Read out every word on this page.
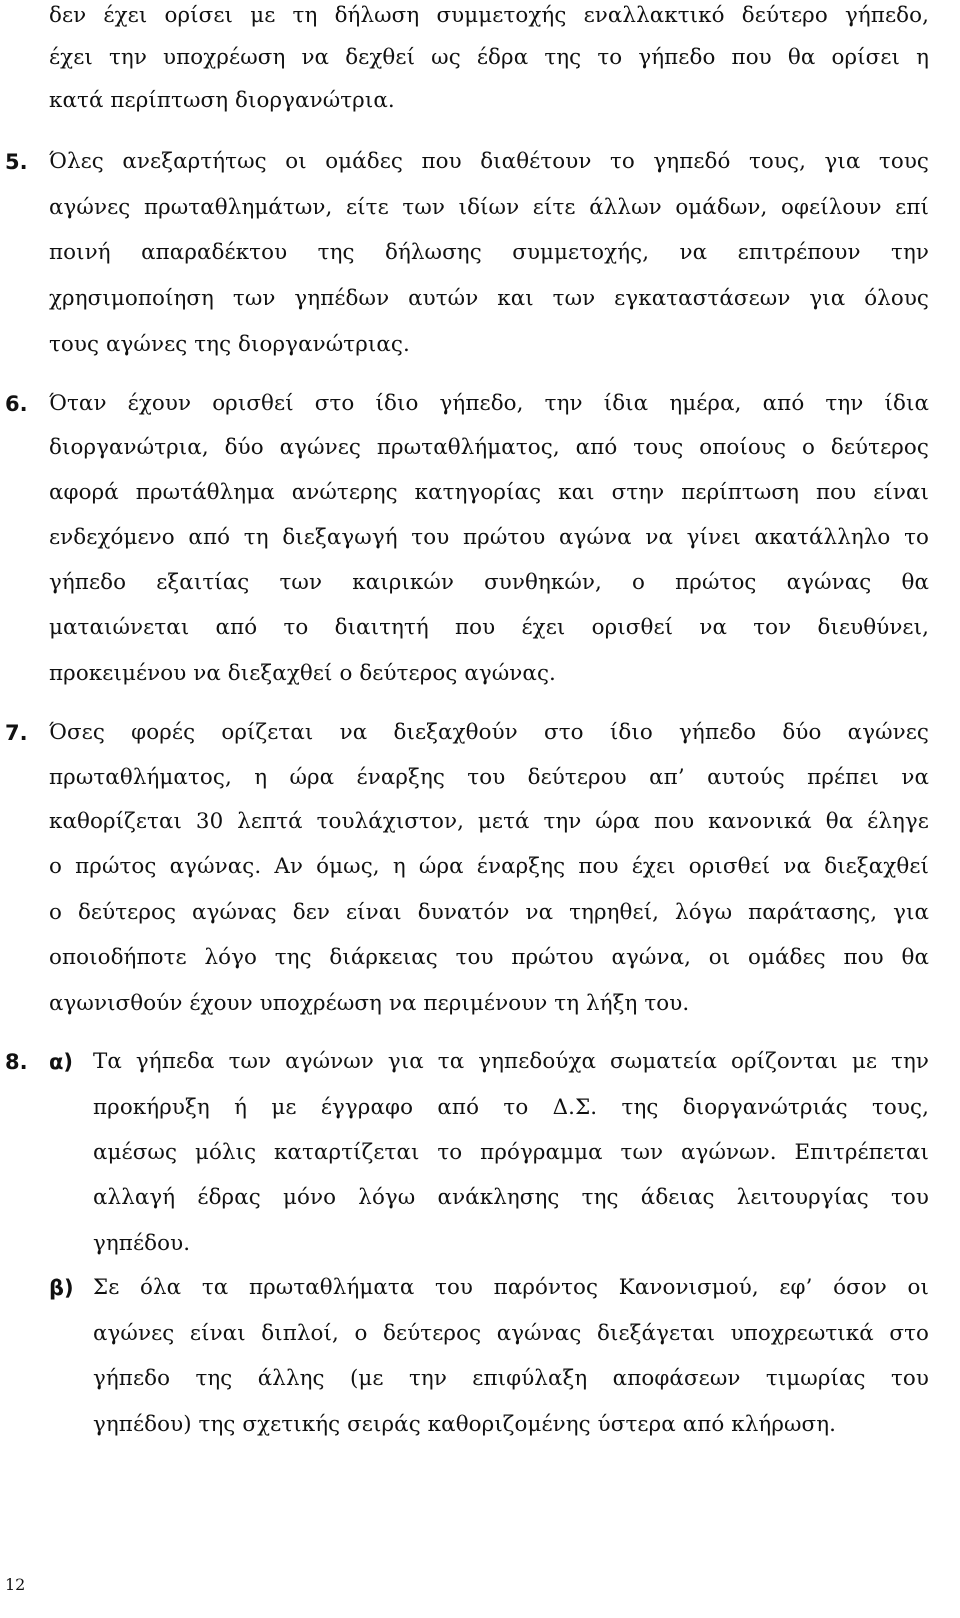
δεν έχει ορίσει με τη δήλωση συμμετοχής εναλλακτικό δεύτερο γήπεδο,
έχει την υποχρέωση να δεχθεί ως έδρα της το γήπεδο που θα ορίσει η
κατά περίπτωση διοργανώτρια.
5.	Όλες ανεξαρτήτως οι ομάδες που διαθέτουν το γηπεδό τους, για τους
αγώνες πρωταθλημάτων, είτε των ιδίων είτε άλλων ομάδων, οφείλουν επί
ποινή απαραδέκτου της δήλωσης συμμετοχής, να επιτρέπουν την
χρησιμοποίηση των γηπέδων αυτών και των εγκαταστάσεων για όλους
τους αγώνες της διοργανώτριας.
6.	Όταν έχουν ορισθεί στο ίδιο γήπεδο, την ίδια ημέρα, από την ίδια
διοργανώτρια, δύο αγώνες πρωταθλήματος, από τους οποίους ο δεύτερος
αφορά πρωτάθλημα ανώτερης κατηγορίας και στην περίπτωση που είναι
ενδεχόμενο από τη διεξαγωγή του πρώτου αγώνα να γίνει ακατάλληλο το
γήπεδο εξαιτίας των καιρικών συνθηκών, ο πρώτος αγώνας θα
ματαιώνεται από το διαιτητή που έχει ορισθεί να τον διευθύνει,
προκειμένου να διεξαχθεί ο δεύτερος αγώνας.
7.	Όσες φορές ορίζεται να διεξαχθούν στο ίδιο γήπεδο δύο αγώνες
πρωταθλήματος, η ώρα έναρξης του δεύτερου απ’ αυτούς πρέπει να
καθορίζεται 30 λεπτά τουλάχιστον, μετά την ώρα που κανονικά θα έληγε
ο πρώτος αγώνας. Αν όμως, η ώρα έναρξης που έχει ορισθεί να διεξαχθεί
ο δεύτερος αγώνας δεν είναι δυνατόν να τηρηθεί, λόγω παράτασης, για
οποιοδήποτε λόγο της διάρκειας του πρώτου αγώνα, οι ομάδες που θα
αγωνισθούν έχουν υποχρέωση να περιμένουν τη λήξη του.
8.	α) Τα γήπεδα των αγώνων για τα γηπεδούχα σωματεία ορίζονται με την
προκήρυξη ή με έγγραφο από το Δ.Σ. της διοργανώτριάς τους,
αμέσως μόλις καταρτίζεται το πρόγραμμα των αγώνων. Επιτρέπεται
αλλαγή έδρας μόνο λόγω ανάκλησης της άδειας λειτουργίας του
γηπέδου.
β) Σε όλα τα πρωταθλήματα του παρόντος Κανονισμού, εφ’ όσον οι
αγώνες είναι διπλοί, ο δεύτερος αγώνας διεξάγεται υποχρεωτικά στο
γήπεδο της άλλης (με την επιφύλαξη αποφάσεων τιμωρίας του
γηπέδου) της σχετικής σειράς καθοριζομένης ύστερα από κλήρωση.
12
